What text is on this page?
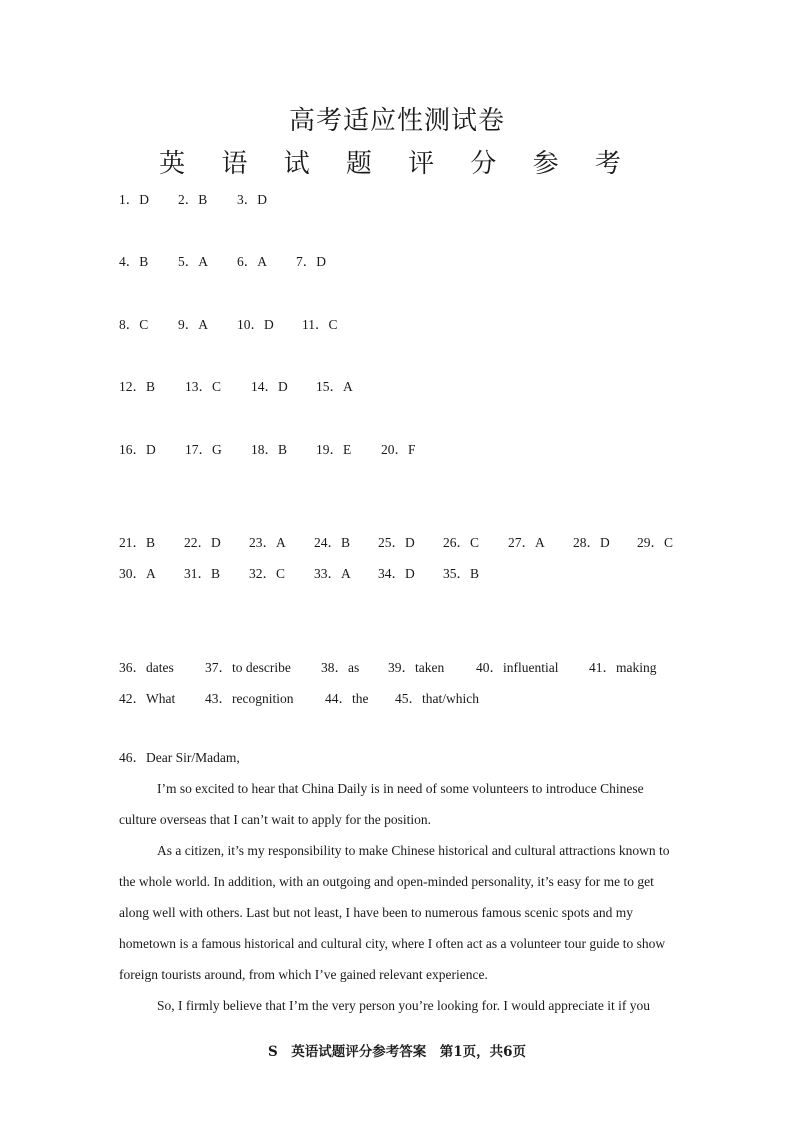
高考适应性测试卷
英 语 试 题 评 分 参 考
1．D 2．B 3．D
4．B 5．A 6．A 7．D
8．C 9．A 10．D 11．C
12．B 13．C 14．D 15．A
16．D 17．G 18．B 19．E 20．F
21．B 22．D 23．A 24．B 25．D 26．C 27．A 28．D 29．C
30．A 31．B 32．C 33．A 34．D 35．B
36．dates 37．to describe 38．as 39．taken 40．influential 41．making
42．What 43．recognition 44．the 45．that/which

46．Dear Sir/Madam,

I’m so excited to hear that China Daily is in need of some volunteers to introduce Chinese culture overseas that I can’t wait to apply for the position.

As a citizen, it’s my responsibility to make Chinese historical and cultural attractions known to the whole world. In addition, with an outgoing and open-minded personality, it’s easy for me to get along well with others. Last but not least, I have been to numerous famous scenic spots and my hometown is a famous historical and cultural city, where I often act as a volunteer tour guide to show foreign tourists around, from which I’ve gained relevant experience.

So, I firmly believe that I’m the very person you’re looking for. I would appreciate it if you

S　英语试题评分参考答案　第1页，共6页
